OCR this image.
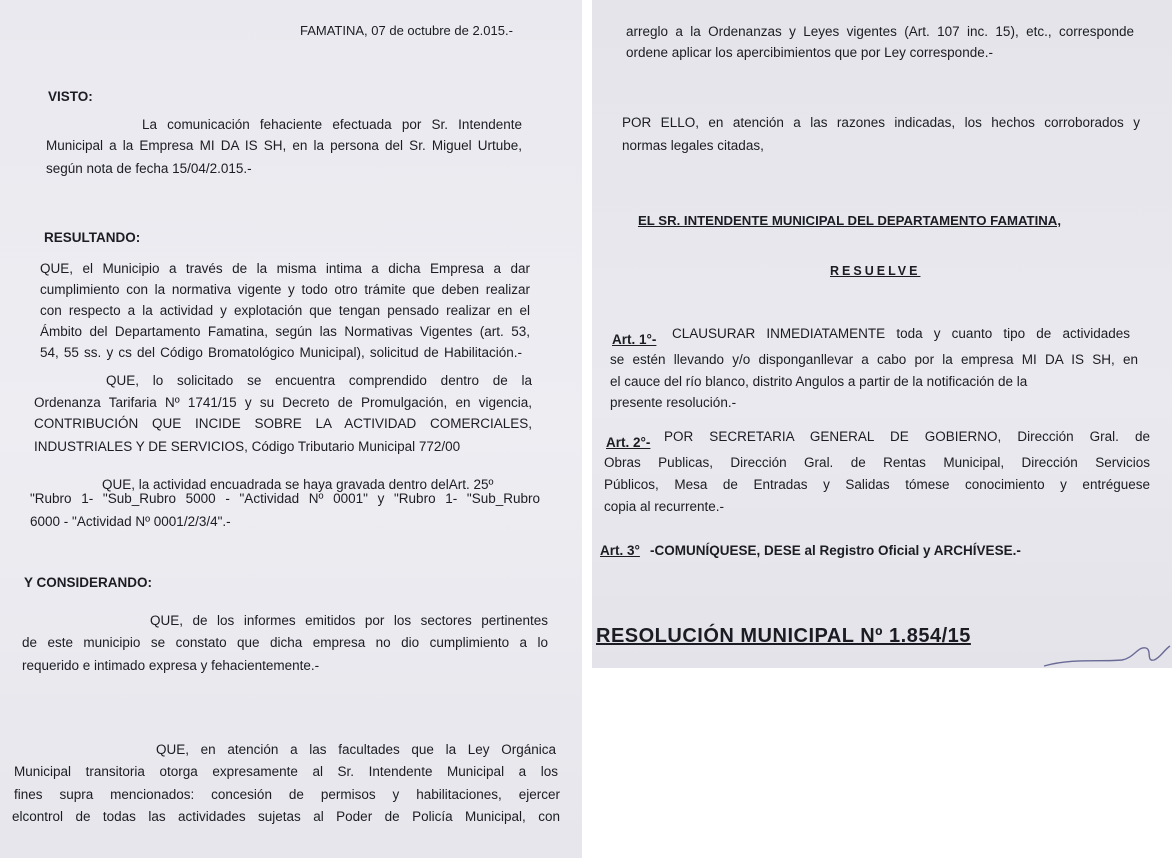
FAMATINA, 07 de octubre de 2.015.-
VISTO:
La comunicación fehaciente efectuada por Sr. Intendente
Municipal a la Empresa MI DA IS SH, en la persona del Sr. Miguel Urtube,
según nota de fecha 15/04/2.015.-
RESULTANDO:
QUE, el Municipio a través de la misma intima a dicha Empresa a dar
cumplimiento con la normativa vigente y todo otro trámite que deben realizar
con respecto a la actividad y explotación que tengan pensado realizar en el
Ámbito del Departamento Famatina, según las Normativas Vigentes (art. 53,
54, 55 ss. y cs del Código Bromatológico Municipal), solicitud de Habilitación.-
QUE, lo solicitado se encuentra comprendido dentro de la
Ordenanza Tarifaria Nº 1741/15 y su Decreto de Promulgación, en vigencia,
CONTRIBUCIÓN QUE INCIDE SOBRE LA ACTIVIDAD COMERCIALES,
INDUSTRIALES Y DE SERVICIOS, Código Tributario Municipal 772/00
QUE, la actividad encuadrada se haya gravada dentro delArt. 25º
"Rubro 1- "Sub_Rubro 5000 - "Actividad Nº 0001" y "Rubro 1- "Sub_Rubro
6000 - "Actividad Nº 0001/2/3/4".-
Y CONSIDERANDO:
QUE, de los informes emitidos por los sectores pertinentes
de este municipio se constato que dicha empresa no dio cumplimiento a lo
requerido e intimado expresa y fehacientemente.-
QUE, en atención a las facultades que la Ley Orgánica
Municipal transitoria otorga expresamente al Sr. Intendente Municipal a los
fines supra mencionados: concesión de permisos y habilitaciones, ejercer
elcontrol de todas las actividades sujetas al Poder de Policía Municipal, con
arreglo a la Ordenanzas y Leyes vigentes (Art. 107 inc. 15), etc., corresponde
ordene aplicar los apercibimientos que por Ley corresponde.-
POR ELLO, en atención a las razones indicadas, los hechos corroborados y
normas legales citadas,
EL SR. INTENDENTE MUNICIPAL DEL DEPARTAMENTO FAMATINA,
RESUELVE
Art. 1°- CLAUSURAR INMEDIATAMENTE toda y cuanto tipo de actividades
se estén llevando y/o disponganllevar a cabo por la empresa MI DA IS SH, en
el cauce del río blanco, distrito Angulos a partir de la notificación de la
presente resolución.-
Art. 2°- POR SECRETARIA GENERAL DE GOBIERNO, Dirección Gral. de
Obras Publicas, Dirección Gral. de Rentas Municipal, Dirección Servicios
Públicos, Mesa de Entradas y Salidas tómese conocimiento y entréguese
copia al recurrente.-
Art. 3° -COMUNÍQUESE, DESE al Registro Oficial y ARCHÍVESE.-
RESOLUCIÓN MUNICIPAL Nº 1.854/15
